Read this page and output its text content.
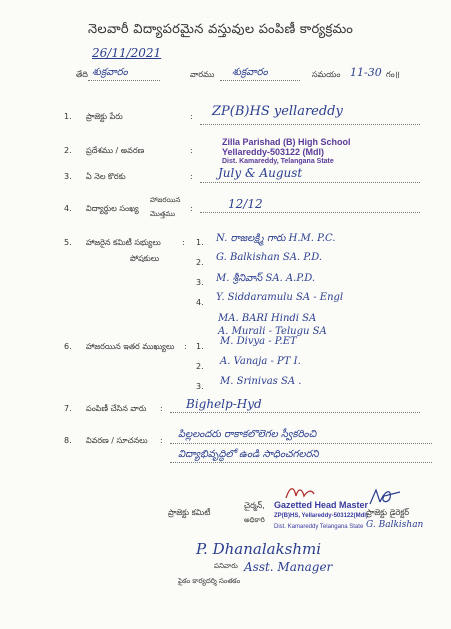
నెలవారీ విద్యాపరమైన వస్తువుల పంపిణీ కార్యక్రమం
26/11/2021
తేది శుక్రవారం	వారము శుక్రవారం	సమయం 11-30 గం॥
1. ప్రాజెక్టు పేరు	: ZP(B)HS yellareddy
2. ప్రదేశము / అవరణ	:
Zilla Parishad (B) High School
Yellareddy-503122 (Mdl)
Dist. Kamareddy, Telangana State
3. ఏ నెల కొరకు	: July & August
4. విద్యార్థుల సంఖ్య
హాజరయిన
మొత్తము
:	12/12
5. హాజరైన కమిటీ సభ్యులు
పోషకులు
: 1. N. రాజలక్ష్మి గారు H.M. P.C.
2. G. Balkishan SA. P.D.
3. M. శ్రీనివాస్ SA. A.P.D.
4. Y. Siddaramulu SA - Engl
MA. BARI Hindi SA
A. Murali - Telugu SA
6. హాజరయిన ఇతర ముఖ్యులు : 1. M. Divya - P.ET
2. A. Vanaja - PT I.
3. M. Srinivas SA .
7. పంపిణీ చేసిన వారు : Bighelp-Hyd
8. వివరణ / సూచనలు :
పిల్లలందరు రాకాకలొలెగల స్వీకరించి
విద్యాభివృద్ధిలో ఉండి సాధించగలరని
ప్రాజెక్టు కమిటీ
చైర్మన్,
అధికారి
Gazetted Head Master
ZP(B)HS, Yellareddy-503122(Mdl)
Dist. Kamareddy Telangana State
ప్రాజెక్టు డైరెక్టర్
G. Balkishan
P. Dhanalakshmi
పనివారు Asst. Manager
పైకం కార్యదర్శి సంతకం
